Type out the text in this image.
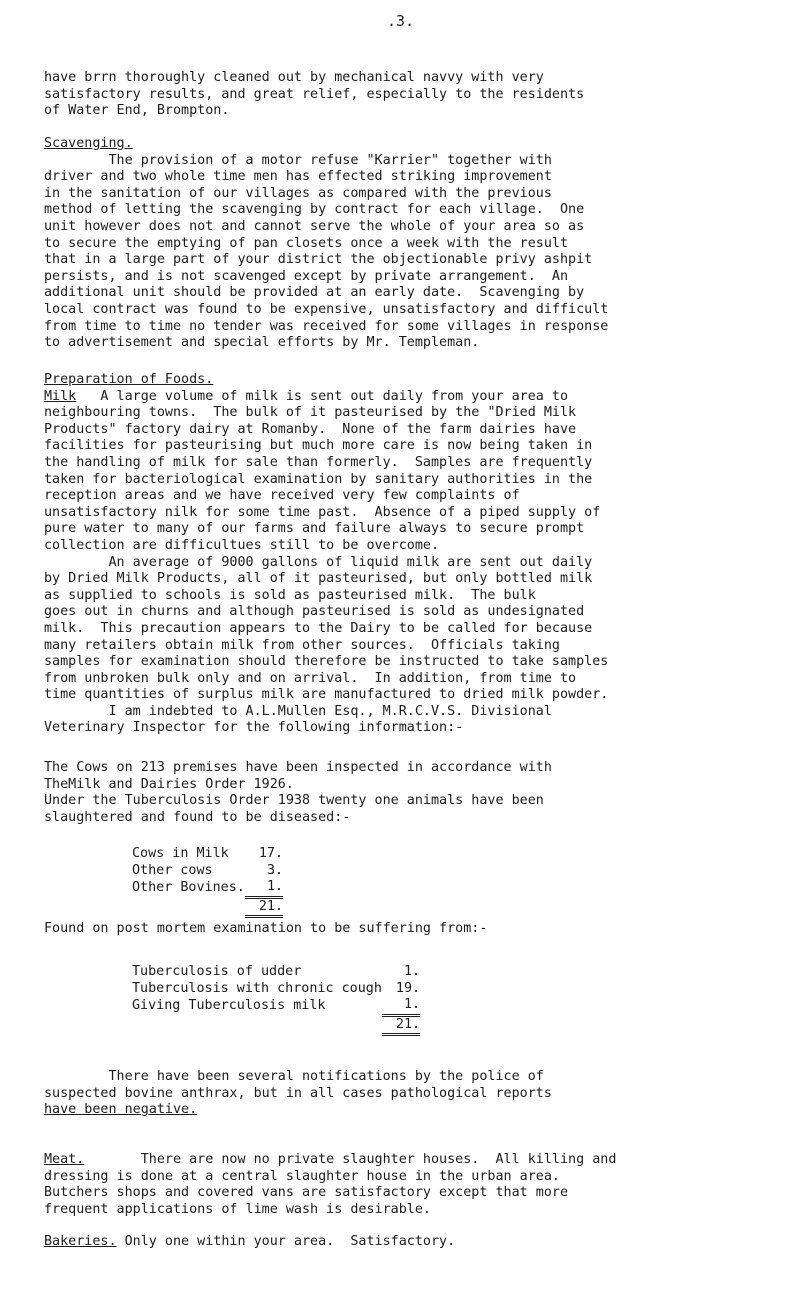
.3.

have brrn thoroughly cleaned out by mechanical navvy with very

satisfactory results, and great relief, especially to the residents

of Water End, Brompton.

Scavenging.

The provision of a motor refuse "Karrier" together with

driver and two whole time men has effected striking improvement

in the sanitation of our villages as compared with the previous

method of letting the scavenging by contract for each village.  One

unit however does not and cannot serve the whole of your area so as

to secure the emptying of pan closets once a week with the result

that in a large part of your district the objectionable privy ashpit

persists, and is not scavenged except by private arrangement.  An

additional unit should be provided at an early date.  Scavenging by

local contract was found to be expensive, unsatisfactory and difficult

from time to time no tender was received for some villages in response

to advertisement and special efforts by Mr. Templeman.

Preparation of Foods.

Milk   A large volume of milk is sent out daily from your area to

neighbouring towns.  The bulk of it pasteurised by the "Dried Milk

Products" factory dairy at Romanby.  None of the farm dairies have

facilities for pasteurising but much more care is now being taken in

the handling of milk for sale than formerly.  Samples are frequently

taken for bacteriological examination by sanitary authorities in the

reception areas and we have received very few complaints of

unsatisfactory nilk for some time past.  Absence of a piped supply of

pure water to many of our farms and failure always to secure prompt

collection are difficultues still to be overcome.

An average of 9000 gallons of liquid milk are sent out daily

by Dried Milk Products, all of it pasteurised, but only bottled milk

as supplied to schools is sold as pasteurised milk.  The bulk

goes out in churns and although pasteurised is sold as undesignated

milk.  This precaution appears to the Dairy to be called for because

many retailers obtain milk from other sources.  Officials taking

samples for examination should therefore be instructed to take samples

from unbroken bulk only and on arrival.  In addition, from time to

time quantities of surplus milk are manufactured to dried milk powder.

I am indebted to A.L.Mullen Esq., M.R.C.V.S. Divisional

Veterinary Inspector for the following information:-

The Cows on 213 premises have been inspected in accordance with

TheMilk and Dairies Order 1926.

Under the Tuberculosis Order 1938 twenty one animals have been

slaughtered and found to be diseased:-

Cows in Milk	17.
Other cows	3.
Other Bovines.	1.
	21.

Found on post mortem examination to be suffering from:-

Tuberculosis of udder	1.
Tuberculosis with chronic cough	19.
Giving Tuberculosis milk	1.
	21.

There have been several notifications by the police of

suspected bovine anthrax, but in all cases pathological reports

have been negative.

Meat.       There are now no private slaughter houses.  All killing and

dressing is done at a central slaughter house in the urban area.

Butchers shops and covered vans are satisfactory except that more

frequent applications of lime wash is desirable.

Bakeries. Only one within your area.  Satisfactory.
